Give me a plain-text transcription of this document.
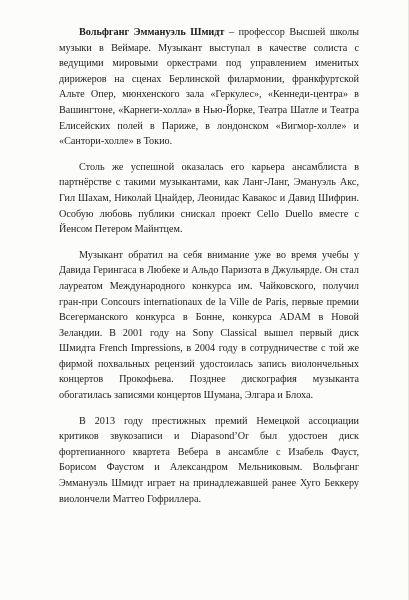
Вольфганг Эммануэль Шмидт – профессор Высшей школы музыки в Веймаре. Музыкант выступал в качестве солиста с ведущими мировыми оркестрами под управлением именитых дирижеров на сценах Берлинской филармонии, франкфуртской Альте Опер, мюнхенского зала «Геркулес», «Кеннеди-центра» в Вашингтоне, «Карнеги-холла» в Нью-Йорке, Театра Шатле и Театра Елисейских полей в Париже, в лондонском «Вигмор-холле» и «Сантори-холле» в Токио.

Столь же успешной оказалась его карьера ансамблиста в партнёрстве с такими музыкантами, как Ланг-Ланг, Эмануэль Акс, Гил Шахам, Николай Цнайдер, Леонидас Кавакос и Давид Шифрин. Особую любовь публики снискал проект Cello Duello вместе с Йенсом Петером Майнтцем.

Музыкант обратил на себя внимание уже во время учебы у Давида Герингаса в Любеке и Альдо Паризота в Джульярде. Он стал лауреатом Международного конкурса им. Чайковского, получил гран-при Concours internationaux de la Ville de Paris, первые премии Всегерманского конкурса в Бонне, конкурса ADAM в Новой Зеландии. В 2001 году на Sony Classical вышел первый диск Шмидта French Impressions, в 2004 году в сотрудничестве с той же фирмой похвальных рецензий удостоилась запись виолончельных концертов Прокофьева. Позднее дискография музыканта обогатилась записями концертов Шумана, Элгара и Блоха.

В 2013 году престижных премий Немецкой ассоциации критиков звукозаписи и Diapasond’Or был удостоен диск фортепианного квартета Вебера в ансамбле с Изабель Фауст, Борисом Фаустом и Александром Мельниковым. Вольфганг Эммануэль Шмидт играет на принадлежавшей ранее Хуго Беккеру виолончели Маттео Гофриллера.
